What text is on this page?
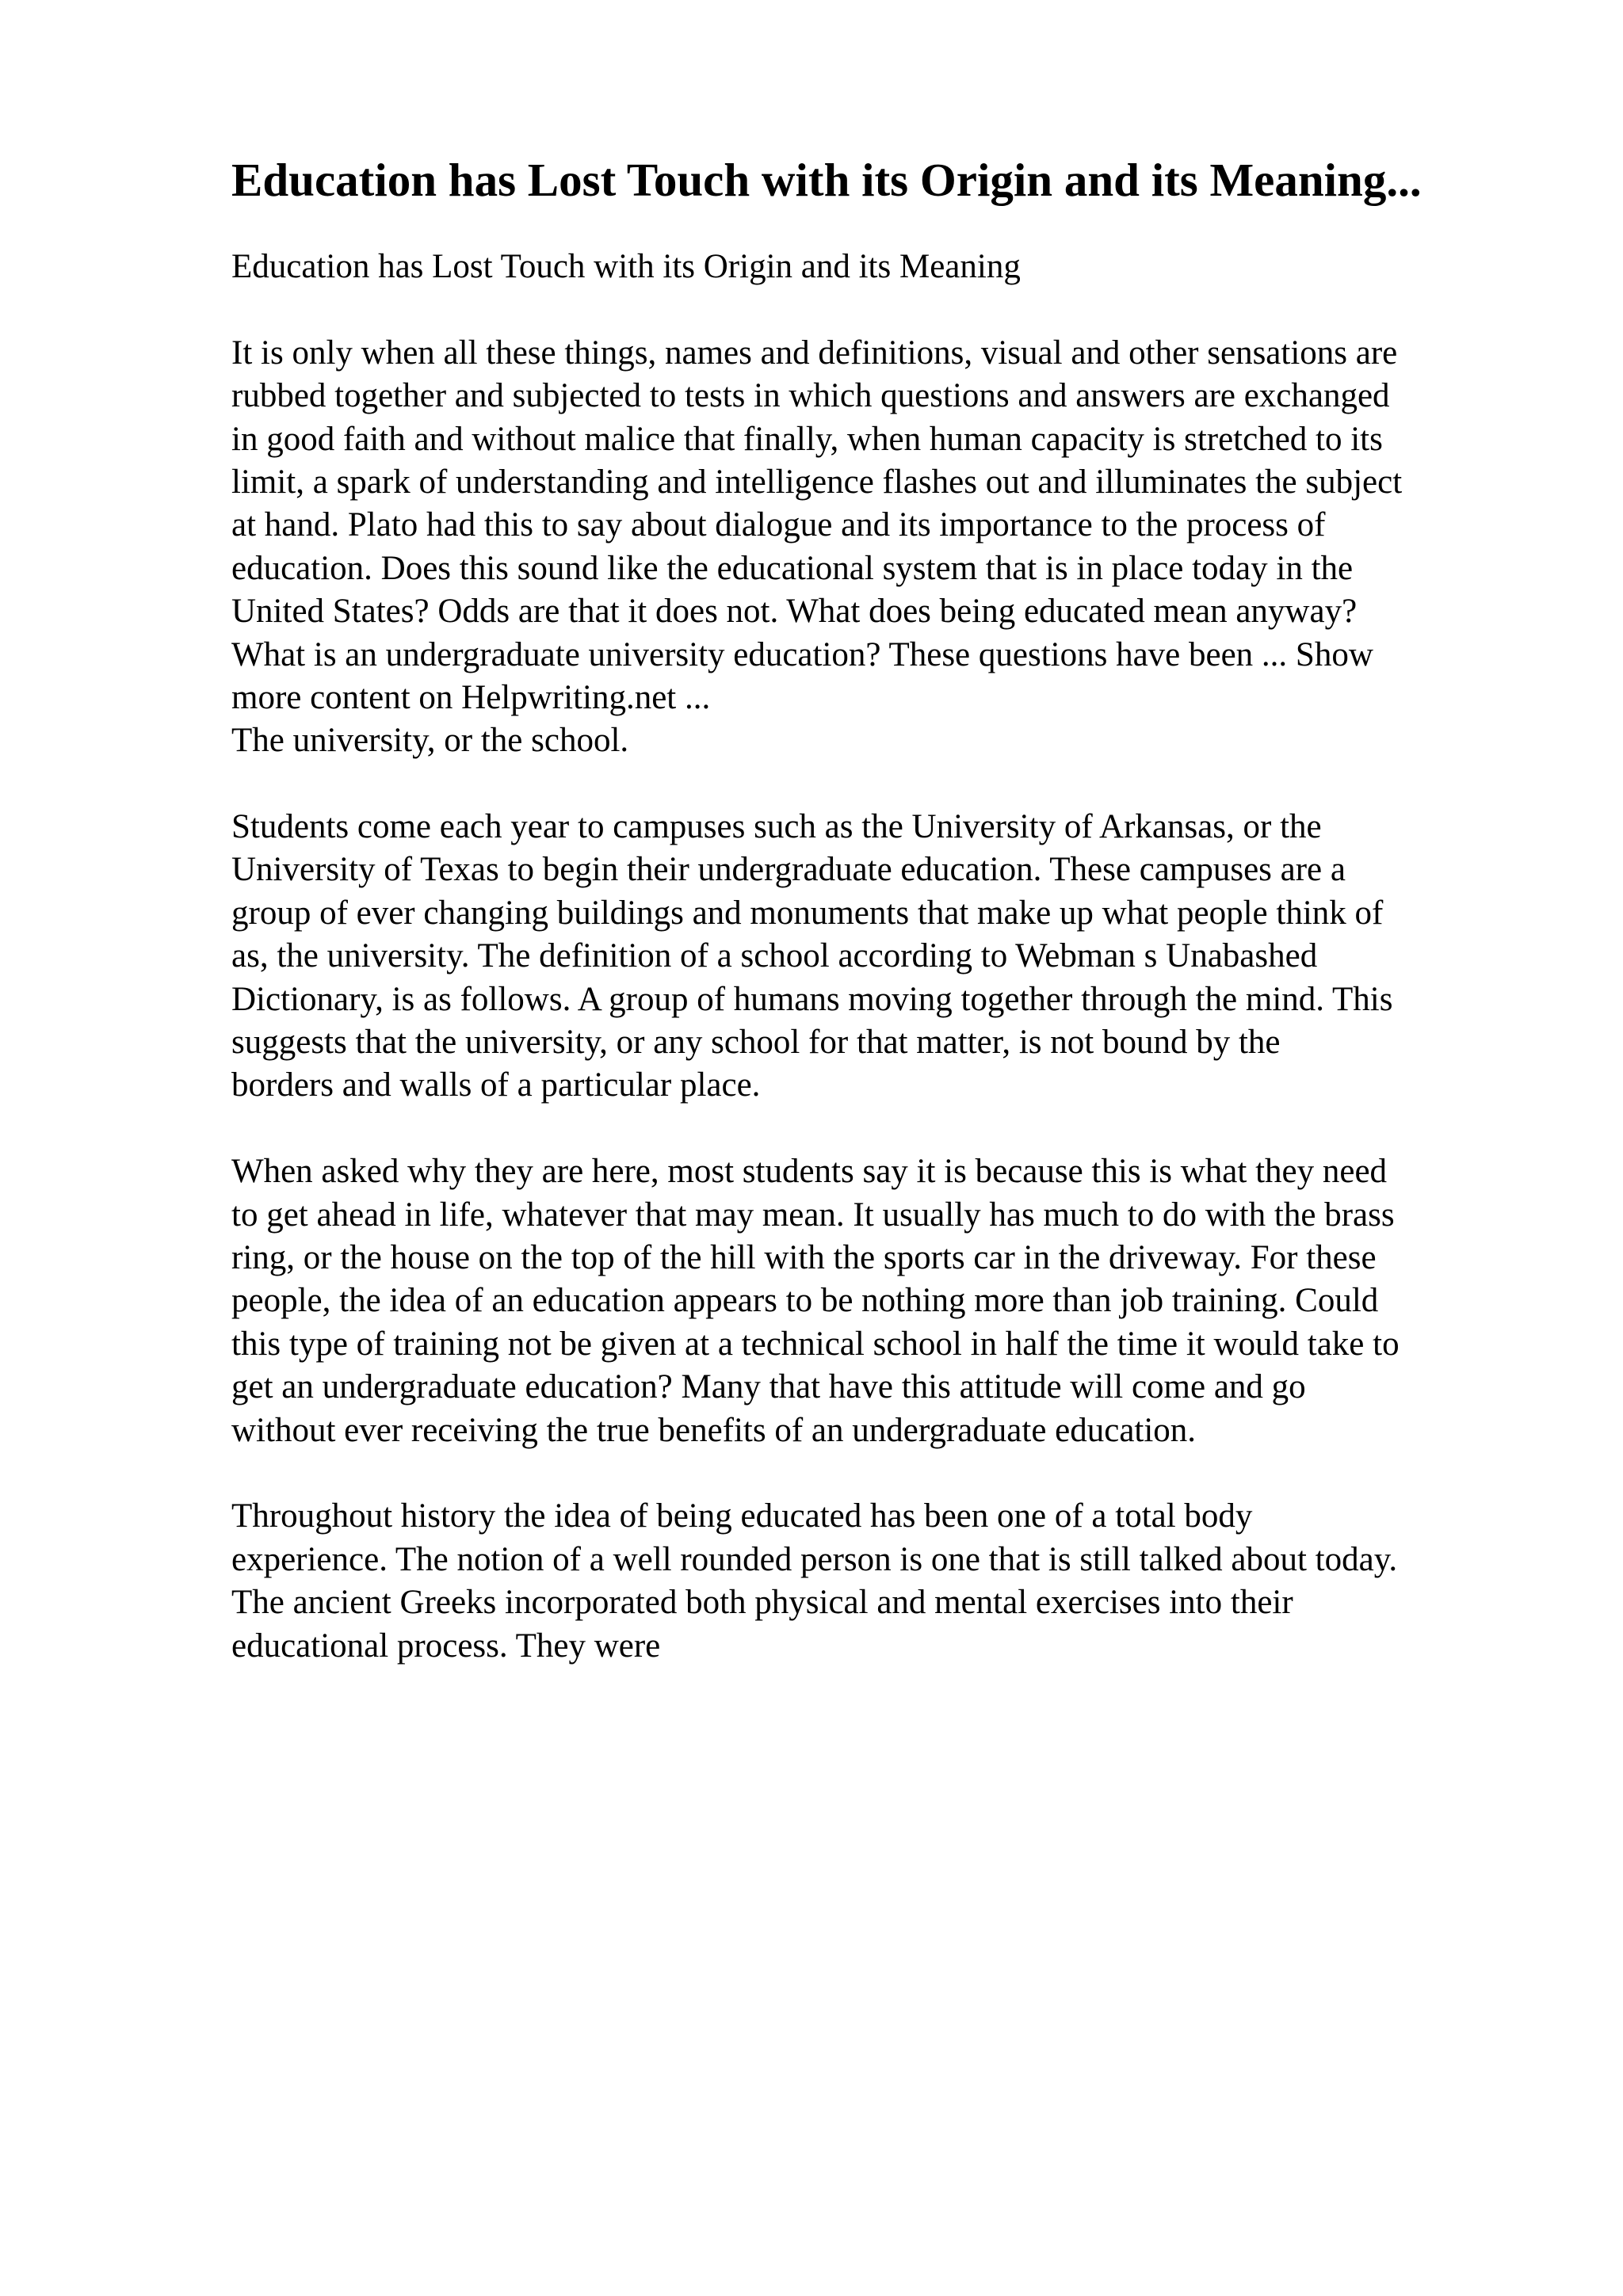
Education has Lost Touch with its Origin and its Meaning...
Education has Lost Touch with its Origin and its Meaning
It is only when all these things, names and definitions, visual and other sensations are
rubbed together and subjected to tests in which questions and answers are exchanged
in good faith and without malice that finally, when human capacity is stretched to its
limit, a spark of understanding and intelligence flashes out and illuminates the subject
at hand. Plato had this to say about dialogue and its importance to the process of
education. Does this sound like the educational system that is in place today in the
United States? Odds are that it does not. What does being educated mean anyway?
What is an undergraduate university education? These questions have been ... Show
more content on Helpwriting.net ...
The university, or the school.
Students come each year to campuses such as the University of Arkansas, or the
University of Texas to begin their undergraduate education. These campuses are a
group of ever changing buildings and monuments that make up what people think of
as, the university. The definition of a school according to Webman s Unabashed
Dictionary, is as follows. A group of humans moving together through the mind. This
suggests that the university, or any school for that matter, is not bound by the
borders and walls of a particular place.
When asked why they are here, most students say it is because this is what they need
to get ahead in life, whatever that may mean. It usually has much to do with the brass
ring, or the house on the top of the hill with the sports car in the driveway. For these
people, the idea of an education appears to be nothing more than job training. Could
this type of training not be given at a technical school in half the time it would take to
get an undergraduate education? Many that have this attitude will come and go
without ever receiving the true benefits of an undergraduate education.
Throughout history the idea of being educated has been one of a total body
experience. The notion of a well rounded person is one that is still talked about today.
The ancient Greeks incorporated both physical and mental exercises into their
educational process. They were
